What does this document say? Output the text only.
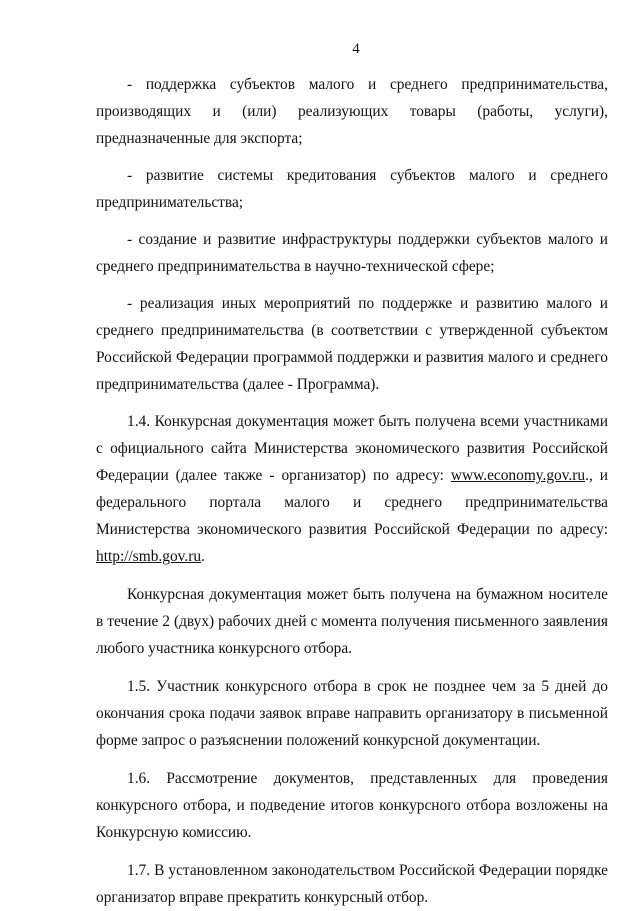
4

- поддержка субъектов малого и среднего предпринимательства, производящих и (или) реализующих товары (работы, услуги), предназначенные для экспорта;

- развитие системы кредитования субъектов малого и среднего предпринимательства;

- создание и развитие инфраструктуры поддержки субъектов малого и среднего предпринимательства в научно-технической сфере;

- реализация иных мероприятий по поддержке и развитию малого и среднего предпринимательства (в соответствии с утвержденной субъектом Российской Федерации программой поддержки и развития малого и среднего предпринимательства (далее - Программа).

1.4. Конкурсная документация может быть получена всеми участниками с официального сайта Министерства экономического развития Российской Федерации (далее также - организатор) по адресу: www.economy.gov.ru., и федерального портала малого и среднего предпринимательства Министерства экономического развития Российской Федерации по адресу: http://smb.gov.ru.

Конкурсная документация может быть получена на бумажном носителе в течение 2 (двух) рабочих дней с момента получения письменного заявления любого участника конкурсного отбора.

1.5. Участник конкурсного отбора в срок не позднее чем за 5 дней до окончания срока подачи заявок вправе направить организатору в письменной форме запрос о разъяснении положений конкурсной документации.

1.6. Рассмотрение документов, представленных для проведения конкурсного отбора, и подведение итогов конкурсного отбора возложены на Конкурсную комиссию.

1.7. В установленном законодательством Российской Федерации порядке организатор вправе прекратить конкурсный отбор.
